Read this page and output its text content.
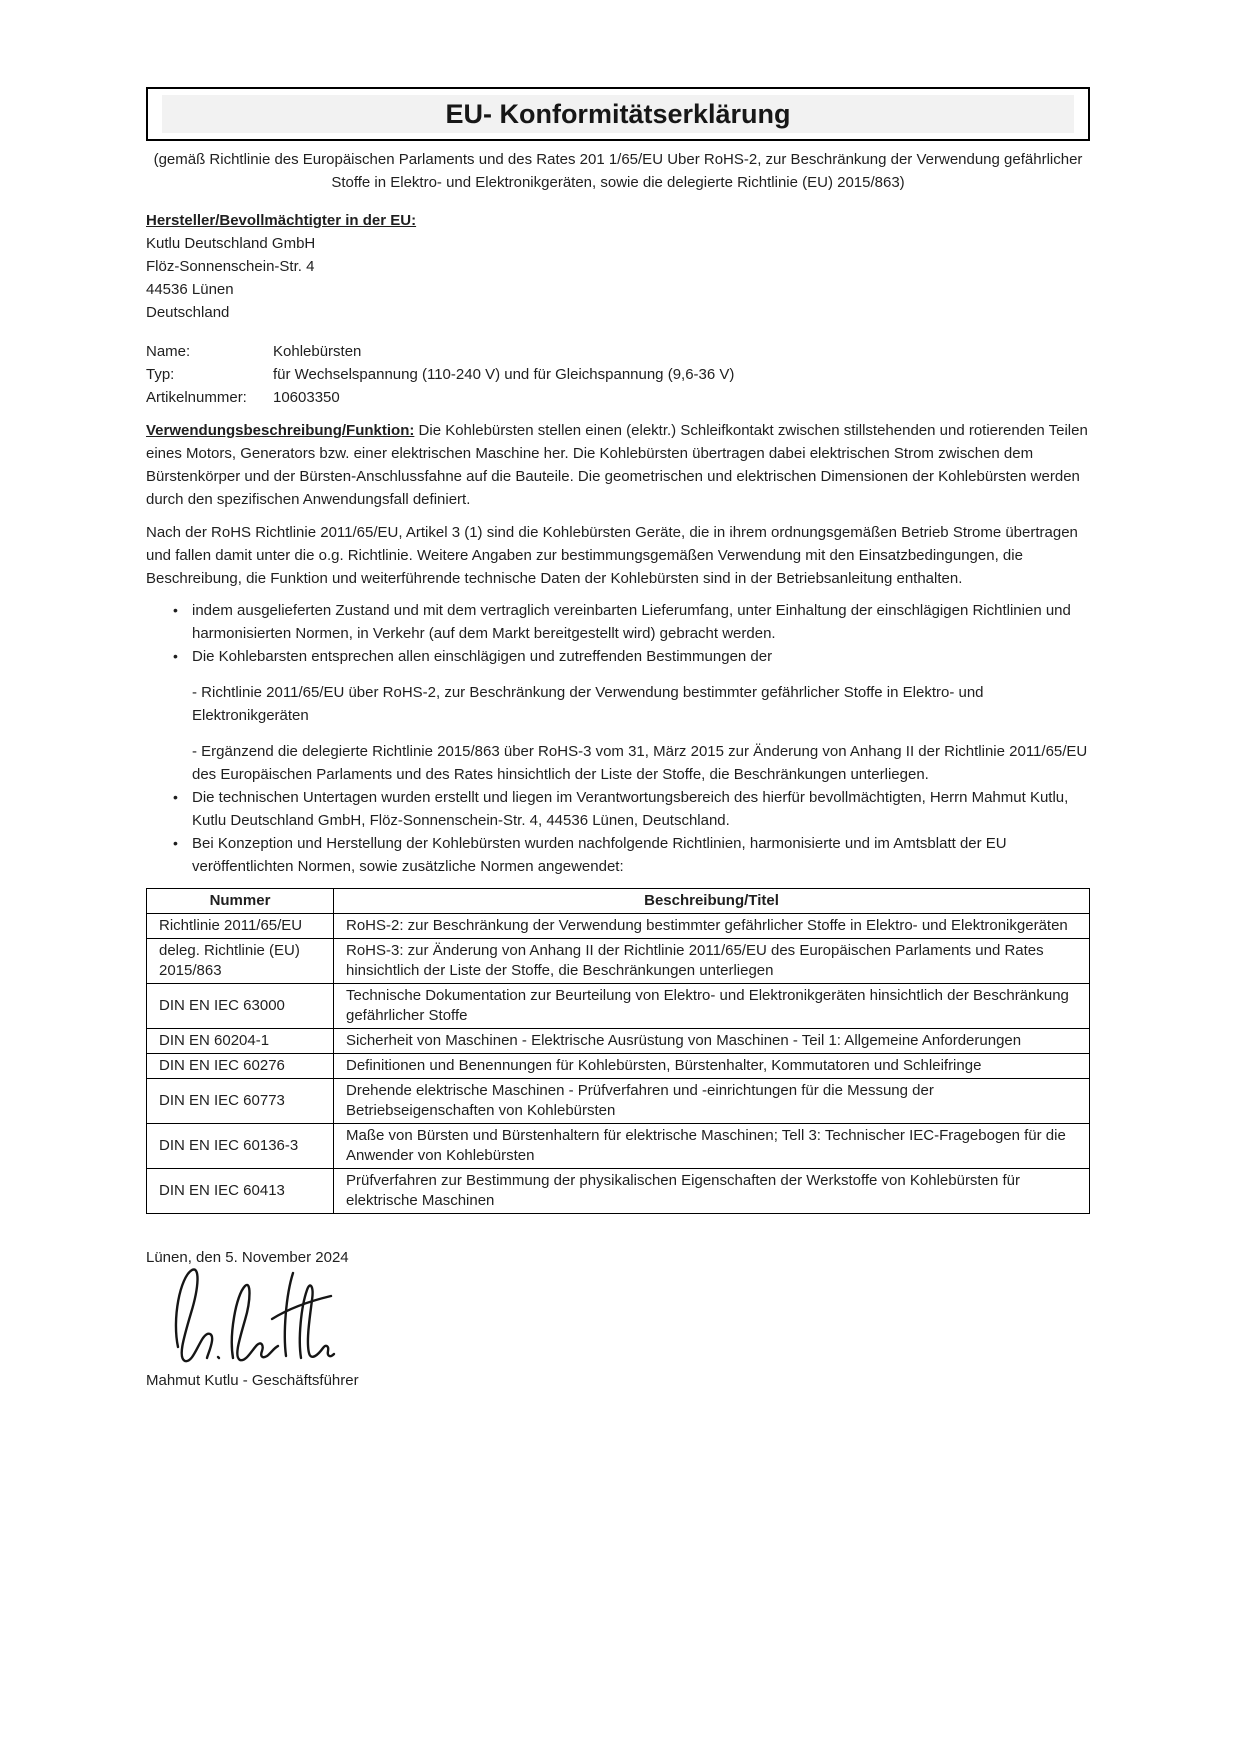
EU- Konformitätserklärung

(gemäß Richtlinie des Europäischen Parlaments und des Rates 201 1/65/EU Uber RoHS-2, zur Beschränkung der Verwendung gefährlicher
Stoffe in Elektro- und Elektronikgeräten, sowie die delegierte Richtlinie (EU) 2015/863)

Hersteller/Bevollmächtigter in der EU:

Kutlu Deutschland GmbH
Flöz-Sonnenschein-Str. 4
44536 Lünen
Deutschland
Name:	Kohlebürsten
Typ:	für Wechselspannung (110-240 V) und für Gleichspannung (9,6-36 V)
Artikelnummer:	10603350

Verwendungsbeschreibung/Funktion: Die Kohlebürsten stellen einen (elektr.) Schleifkontakt zwischen stillstehenden und rotierenden Teilen eines Motors, Generators bzw. einer elektrischen Maschine her. Die Kohlebürsten übertragen dabei elektrischen Strom zwischen dem Bürstenkörper und der Bürsten-Anschlussfahne auf die Bauteile. Die geometrischen und elektrischen Dimensionen der Kohlebürsten werden durch den spezifischen Anwendungsfall definiert.

Nach der RoHS Richtlinie 2011/65/EU, Artikel 3 (1) sind die Kohlebürsten Geräte, die in ihrem ordnungsgemäßen Betrieb Strome übertragen und fallen damit unter die o.g. Richtlinie. Weitere Angaben zur bestimmungsgemäßen Verwendung mit den Einsatzbedingungen, die Beschreibung, die Funktion und weiterführende technische Daten der Kohlebürsten sind in der Betriebsanleitung enthalten.

• indem ausgelieferten Zustand und mit dem vertraglich vereinbarten Lieferumfang, unter Einhaltung der einschlägigen Richtlinien und harmonisierten Normen, in Verkehr (auf dem Markt bereitgestellt wird) gebracht werden.
• Die Kohlebarsten entsprechen allen einschlägigen und zutreffenden Bestimmungen der
- Richtlinie 2011/65/EU über RoHS-2, zur Beschränkung der Verwendung bestimmter gefährlicher Stoffe in Elektro- und Elektronikgeräten
- Ergänzend die delegierte Richtlinie 2015/863 über RoHS-3 vom 31, März 2015 zur Änderung von Anhang II der Richtlinie 2011/65/EU des Europäischen Parlaments und des Rates hinsichtlich der Liste der Stoffe, die Beschränkungen unterliegen.
• Die technischen Untertagen wurden erstellt und liegen im Verantwortungsbereich des hierfür bevollmächtigten, Herrn Mahmut Kutlu, Kutlu Deutschland GmbH, Flöz-Sonnenschein-Str. 4, 44536 Lünen, Deutschland.
• Bei Konzeption und Herstellung der Kohlebürsten wurden nachfolgende Richtlinien, harmonisierte und im Amtsblatt der EU veröffentlichten Normen, sowie zusätzliche Normen angewendet:
Nummer	Beschreibung/Titel
Richtlinie 2011/65/EU	RoHS-2: zur Beschränkung der Verwendung bestimmter gefährlicher Stoffe in Elektro- und Elektronikgeräten
deleg. Richtlinie (EU) 2015/863	RoHS-3: zur Änderung von Anhang II der Richtlinie 2011/65/EU des Europäischen Parlaments und Rates hinsichtlich der Liste der Stoffe, die Beschränkungen unterliegen
DIN EN IEC 63000	Technische Dokumentation zur Beurteilung von Elektro- und Elektronikgeräten hinsichtlich der Beschränkung gefährlicher Stoffe
DIN EN 60204-1	Sicherheit von Maschinen - Elektrische Ausrüstung von Maschinen - Teil 1: Allgemeine Anforderungen
DIN EN IEC 60276	Definitionen und Benennungen für Kohlebürsten, Bürstenhalter, Kommutatoren und Schleifringe
DIN EN IEC 60773	Drehende elektrische Maschinen - Prüfverfahren und -einrichtungen für die Messung der Betriebseigenschaften von Kohlebürsten
DIN EN IEC 60136-3	Maße von Bürsten und Bürstenhaltern für elektrische Maschinen; Tell 3: Technischer IEC-Fragebogen für die Anwender von Kohlebürsten
DIN EN IEC 60413	Prüfverfahren zur Bestimmung der physikalischen Eigenschaften der Werkstoffe von Kohlebürsten für elektrische Maschinen

Lünen, den 5. November 2024

Mahmut Kutlu - Geschäftsführer
